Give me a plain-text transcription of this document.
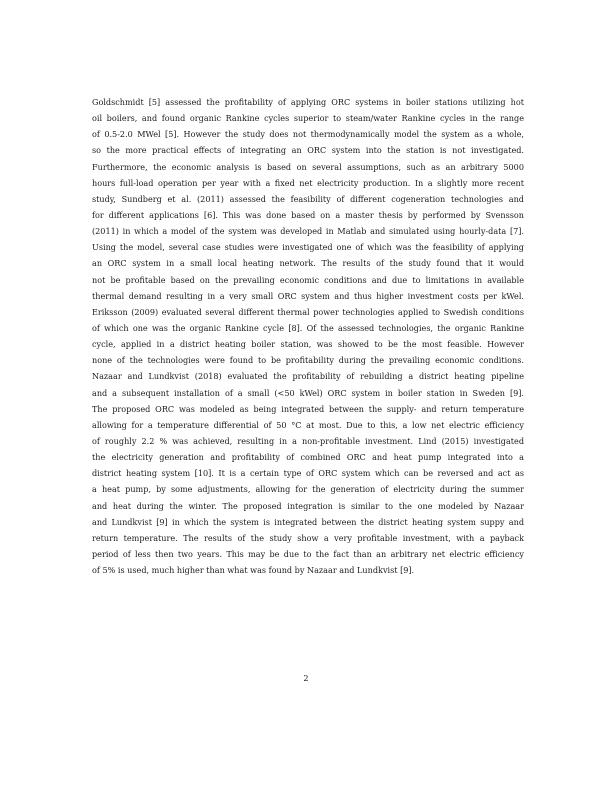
Goldschmidt [5] assessed the profitability of applying ORC systems in boiler stations utilizing hot
oil boilers, and found organic Rankine cycles superior to steam/water Rankine cycles in the range
of 0.5-2.0 MWel [5]. However the study does not thermodynamically model the system as a whole,
so the more practical effects of integrating an ORC system into the station is not investigated.
Furthermore, the economic analysis is based on several assumptions, such as an arbitrary 5000
hours full-load operation per year with a fixed net electricity production. In a slightly more recent
study, Sundberg et al. (2011) assessed the feasibility of different cogeneration technologies and
for different applications [6]. This was done based on a master thesis by performed by Svensson
(2011) in which a model of the system was developed in Matlab and simulated using hourly-data [7].
Using the model, several case studies were investigated one of which was the feasibility of applying
an ORC system in a small local heating network. The results of the study found that it would
not be profitable based on the prevailing economic conditions and due to limitations in available
thermal demand resulting in a very small ORC system and thus higher investment costs per kWel.
Eriksson (2009) evaluated several different thermal power technologies applied to Swedish conditions
of which one was the organic Rankine cycle [8]. Of the assessed technologies, the organic Rankine
cycle, applied in a district heating boiler station, was showed to be the most feasible. However
none of the technologies were found to be profitability during the prevailing economic conditions.
Nazaar and Lundkvist (2018) evaluated the profitability of rebuilding a district heating pipeline
and a subsequent installation of a small (<50 kWel) ORC system in boiler station in Sweden [9].
The proposed ORC was modeled as being integrated between the supply- and return temperature
allowing for a temperature differential of 50 °C at most. Due to this, a low net electric efficiency
of roughly 2.2 % was achieved, resulting in a non-profitable investment. Lind (2015) investigated
the electricity generation and profitability of combined ORC and heat pump integrated into a
district heating system [10]. It is a certain type of ORC system which can be reversed and act as
a heat pump, by some adjustments, allowing for the generation of electricity during the summer
and heat during the winter. The proposed integration is similar to the one modeled by Nazaar
and Lundkvist [9] in which the system is integrated between the district heating system suppy and
return temperature. The results of the study show a very profitable investment, with a payback
period of less then two years. This may be due to the fact than an arbitrary net electric efficiency
of 5% is used, much higher than what was found by Nazaar and Lundkvist [9].
2
